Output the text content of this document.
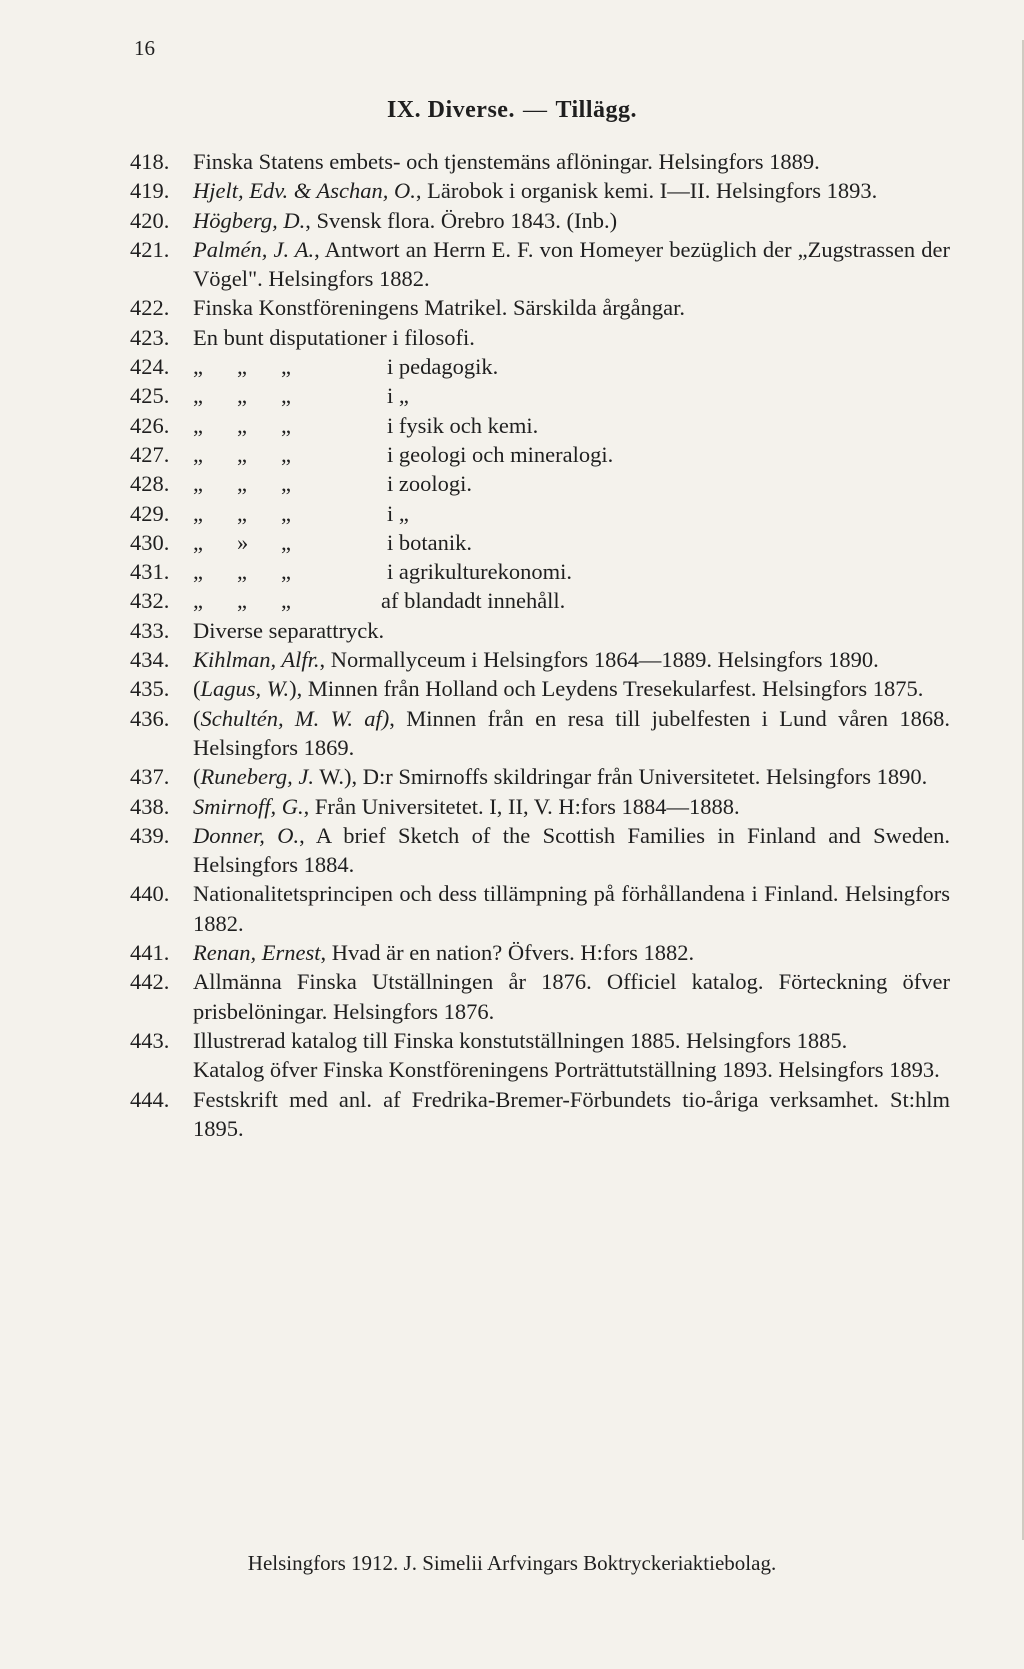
16
IX. Diverse. — Tillägg.
418.	Finska Statens embets- och tjenstemäns aflöningar. Helsingfors 1889.
419.	Hjelt, Edv. & Aschan, O., Lärobok i organisk kemi. I—II. Helsingfors 1893.
420.	Högberg, D., Svensk flora. Örebro 1843. (Inb.)
421.	Palmén, J. A., Antwort an Herrn E. F. von Homeyer bezüglich der „Zugstrassen der Vögel". Helsingfors 1882.
422.	Finska Konstföreningens Matrikel. Särskilda årgångar.
423.	En bunt disputationer i filosofi.
424.	„ „ „	i pedagogik.
425.	„ „ „	i „
426.	„ „ „	i fysik och kemi.
427.	„ „ „	i geologi och mineralogi.
428.	„ „ „	i zoologi.
429.	„ „ „	i „
430.	„ » „	i botanik.
431.	„ „ „	i agrikulturekonomi.
432.	„ „ „	af blandadt innehåll.
433.	Diverse separattryck.
434.	Kihlman, Alfr., Normallyceum i Helsingfors 1864—1889. Helsingfors 1890.
435.	(Lagus, W.), Minnen från Holland och Leydens Tresekularfest. Helsingfors 1875.
436.	(Schultén, M. W. af), Minnen från en resa till jubelfesten i Lund våren 1868. Helsingfors 1869.
437.	(Runeberg, J. W.), D:r Smirnoffs skildringar från Universitetet. Helsingfors 1890.
438.	Smirnoff, G., Från Universitetet. I, II, V. H:fors 1884—1888.
439.	Donner, O., A brief Sketch of the Scottish Families in Finland and Sweden. Helsingfors 1884.
440.	Nationalitetsprincipen och dess tillämpning på förhållandena i Finland. Helsingfors 1882.
441.	Renan, Ernest, Hvad är en nation? Öfvers. H:fors 1882.
442.	Allmänna Finska Utställningen år 1876. Officiel katalog. Förteckning öfver prisbelöningar. Helsingfors 1876.
443.	Illustrerad katalog till Finska konstutställningen 1885. Helsingfors 1885.
Katalog öfver Finska Konstföreningens Porträttutställning 1893. Helsingfors 1893.
444.	Festskrift med anl. af Fredrika-Bremer-Förbundets tio-åriga verksamhet. St:hlm 1895.
Helsingfors 1912. J. Simelii Arfvingars Boktryckeriaktiebolag.
